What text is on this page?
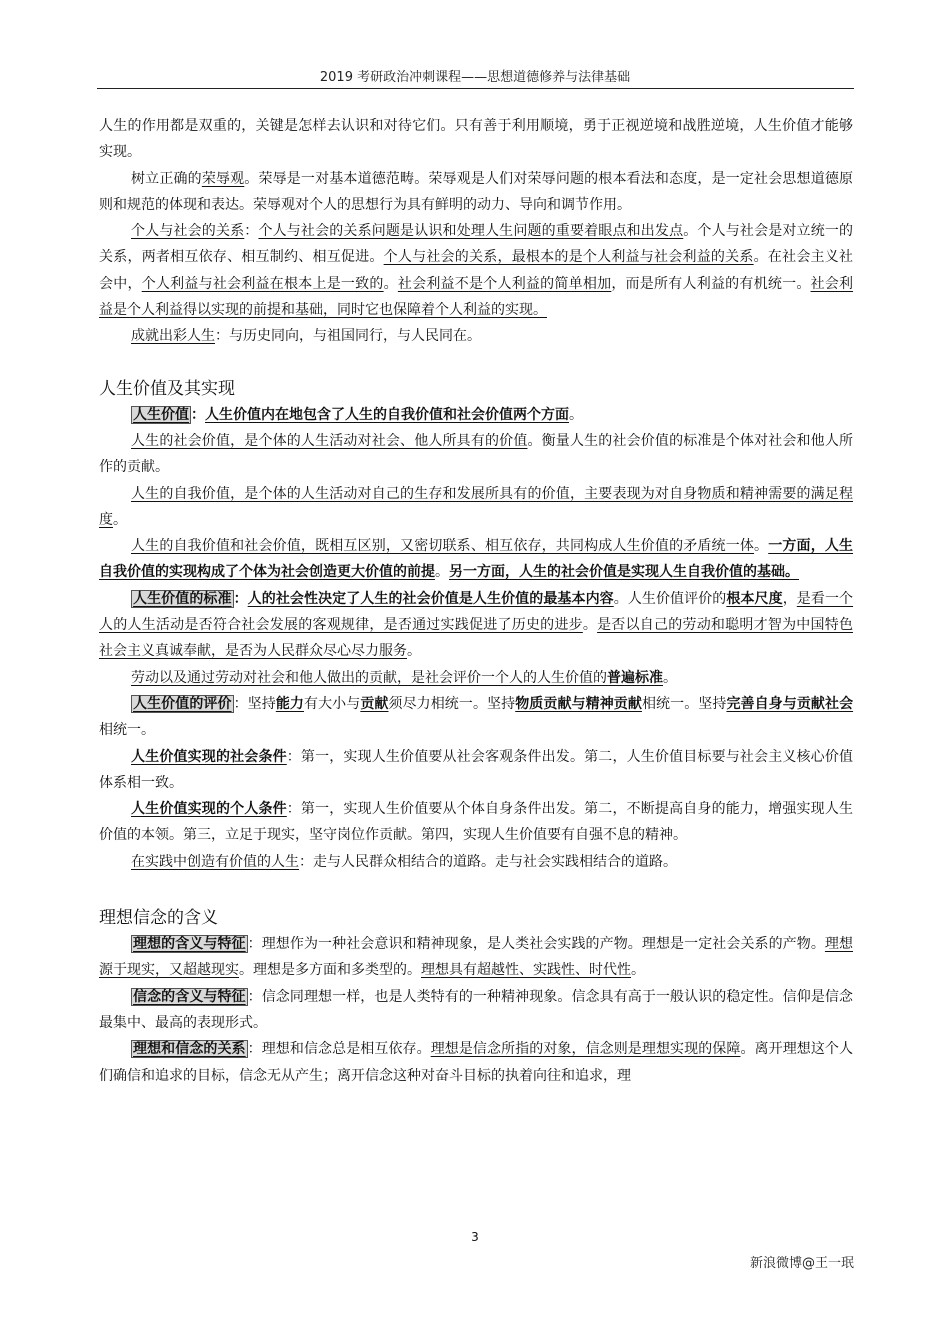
2019 考研政治冲刺课程——思想道德修养与法律基础

人生的作用都是双重的，关键是怎样去认识和对待它们。只有善于利用顺境，勇于正视逆境和战胜逆境，人生价值才能够实现。

树立正确的荣辱观。荣辱是一对基本道德范畴。荣辱观是人们对荣辱问题的根本看法和态度，是一定社会思想道德原则和规范的体现和表达。荣辱观对个人的思想行为具有鲜明的动力、导向和调节作用。

个人与社会的关系：个人与社会的关系问题是认识和处理人生问题的重要着眼点和出发点。个人与社会是对立统一的关系，两者相互依存、相互制约、相互促进。个人与社会的关系，最根本的是个人利益与社会利益的关系。在社会主义社会中，个人利益与社会利益在根本上是一致的。社会利益不是个人利益的简单相加，而是所有人利益的有机统一。社会利益是个人利益得以实现的前提和基础，同时它也保障着个人利益的实现。

成就出彩人生：与历史同向，与祖国同行，与人民同在。

人生价值及其实现

人生价值 ：人生价值内在地包含了人生的自我价值和社会价值两个方面。

人生的社会价值，是个体的人生活动对社会、他人所具有的价值。衡量人生的社会价值的标准是个体对社会和他人所作的贡献。

人生的自我价值，是个体的人生活动对自己的生存和发展所具有的价值，主要表现为对自身物质和精神需要的满足程度。

人生的自我价值和社会价值，既相互区别，又密切联系、相互依存，共同构成人生价值的矛盾统一体。一方面，人生自我价值的实现构成了个体为社会创造更大价值的前提。另一方面，人生的社会价值是实现人生自我价值的基础。

人生价值的标准 ：人的社会性决定了人生的社会价值是人生价值的最基本内容。人生价值评价的根本尺度，是看一个人的人生活动是否符合社会发展的客观规律，是否通过实践促进了历史的进步。是否以自己的劳动和聪明才智为中国特色社会主义真诚奉献，是否为人民群众尽心尽力服务。

劳动以及通过劳动对社会和他人做出的贡献，是社会评价一个人的人生价值的普遍标准。

人生价值的评价 ：坚持能力有大小与贡献须尽力相统一。坚持物质贡献与精神贡献相统一。坚持完善自身与贡献社会相统一。

人生价值实现的社会条件：第一，实现人生价值要从社会客观条件出发。第二，人生价值目标要与社会主义核心价值体系相一致。

人生价值实现的个人条件：第一，实现人生价值要从个体自身条件出发。第二，不断提高自身的能力，增强实现人生价值的本领。第三，立足于现实，坚守岗位作贡献。第四，实现人生价值要有自强不息的精神。

在实践中创造有价值的人生：走与人民群众相结合的道路。走与社会实践相结合的道路。

理想信念的含义

理想的含义与特征 ：理想作为一种社会意识和精神现象，是人类社会实践的产物。理想是一定社会关系的产物。理想源于现实，又超越现实。理想是多方面和多类型的。理想具有超越性、实践性、时代性。

信念的含义与特征 ：信念同理想一样，也是人类特有的一种精神现象。信念具有高于一般认识的稳定性。信仰是信念最集中、最高的表现形式。

理想和信念的关系 ：理想和信念总是相互依存。理想是信念所指的对象，信念则是理想实现的保障。离开理想这个人们确信和追求的目标，信念无从产生；离开信念这种对奋斗目标的执着向往和追求，理

3
新浪微博@王一珉
